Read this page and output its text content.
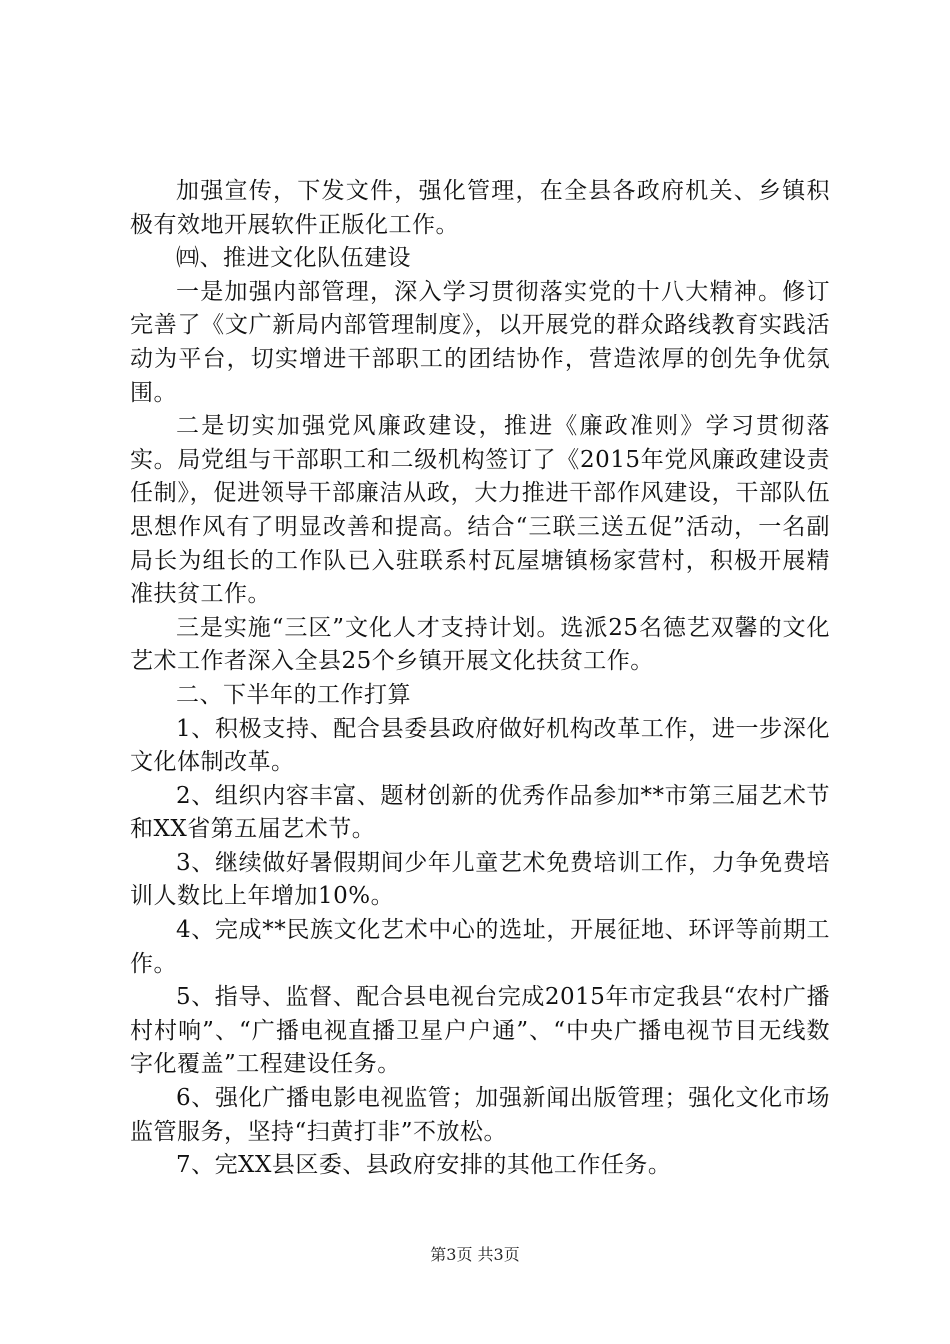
加强宣传，下发文件，强化管理，在全县各政府机关、乡镇积极有效地开展软件正版化工作。

㈣、推进文化队伍建设

一是加强内部管理，深入学习贯彻落实党的十八大精神。修订完善了《文广新局内部管理制度》，以开展党的群众路线教育实践活动为平台，切实增进干部职工的团结协作，营造浓厚的创先争优氛围。

二是切实加强党风廉政建设，推进《廉政准则》学习贯彻落实。局党组与干部职工和二级机构签订了《2015年党风廉政建设责任制》，促进领导干部廉洁从政，大力推进干部作风建设，干部队伍思想作风有了明显改善和提高。结合“三联三送五促”活动，一名副局长为组长的工作队已入驻联系村瓦屋塘镇杨家营村，积极开展精准扶贫工作。

三是实施“三区”文化人才支持计划。选派25名德艺双馨的文化艺术工作者深入全县25个乡镇开展文化扶贫工作。

二、下半年的工作打算

1、积极支持、配合县委县政府做好机构改革工作，进一步深化文化体制改革。

2、组织内容丰富、题材创新的优秀作品参加**市第三届艺术节和XX省第五届艺术节。

3、继续做好暑假期间少年儿童艺术免费培训工作，力争免费培训人数比上年增加10%。

4、完成**民族文化艺术中心的选址，开展征地、环评等前期工作。

5、指导、监督、配合县电视台完成2015年市定我县“农村广播村村响”、“广播电视直播卫星户户通”、“中央广播电视节目无线数字化覆盖”工程建设任务。

6、强化广播电影电视监管；加强新闻出版管理；强化文化市场监管服务，坚持“扫黄打非”不放松。

7、完XX县区委、县政府安排的其他工作任务。

第3页 共3页
